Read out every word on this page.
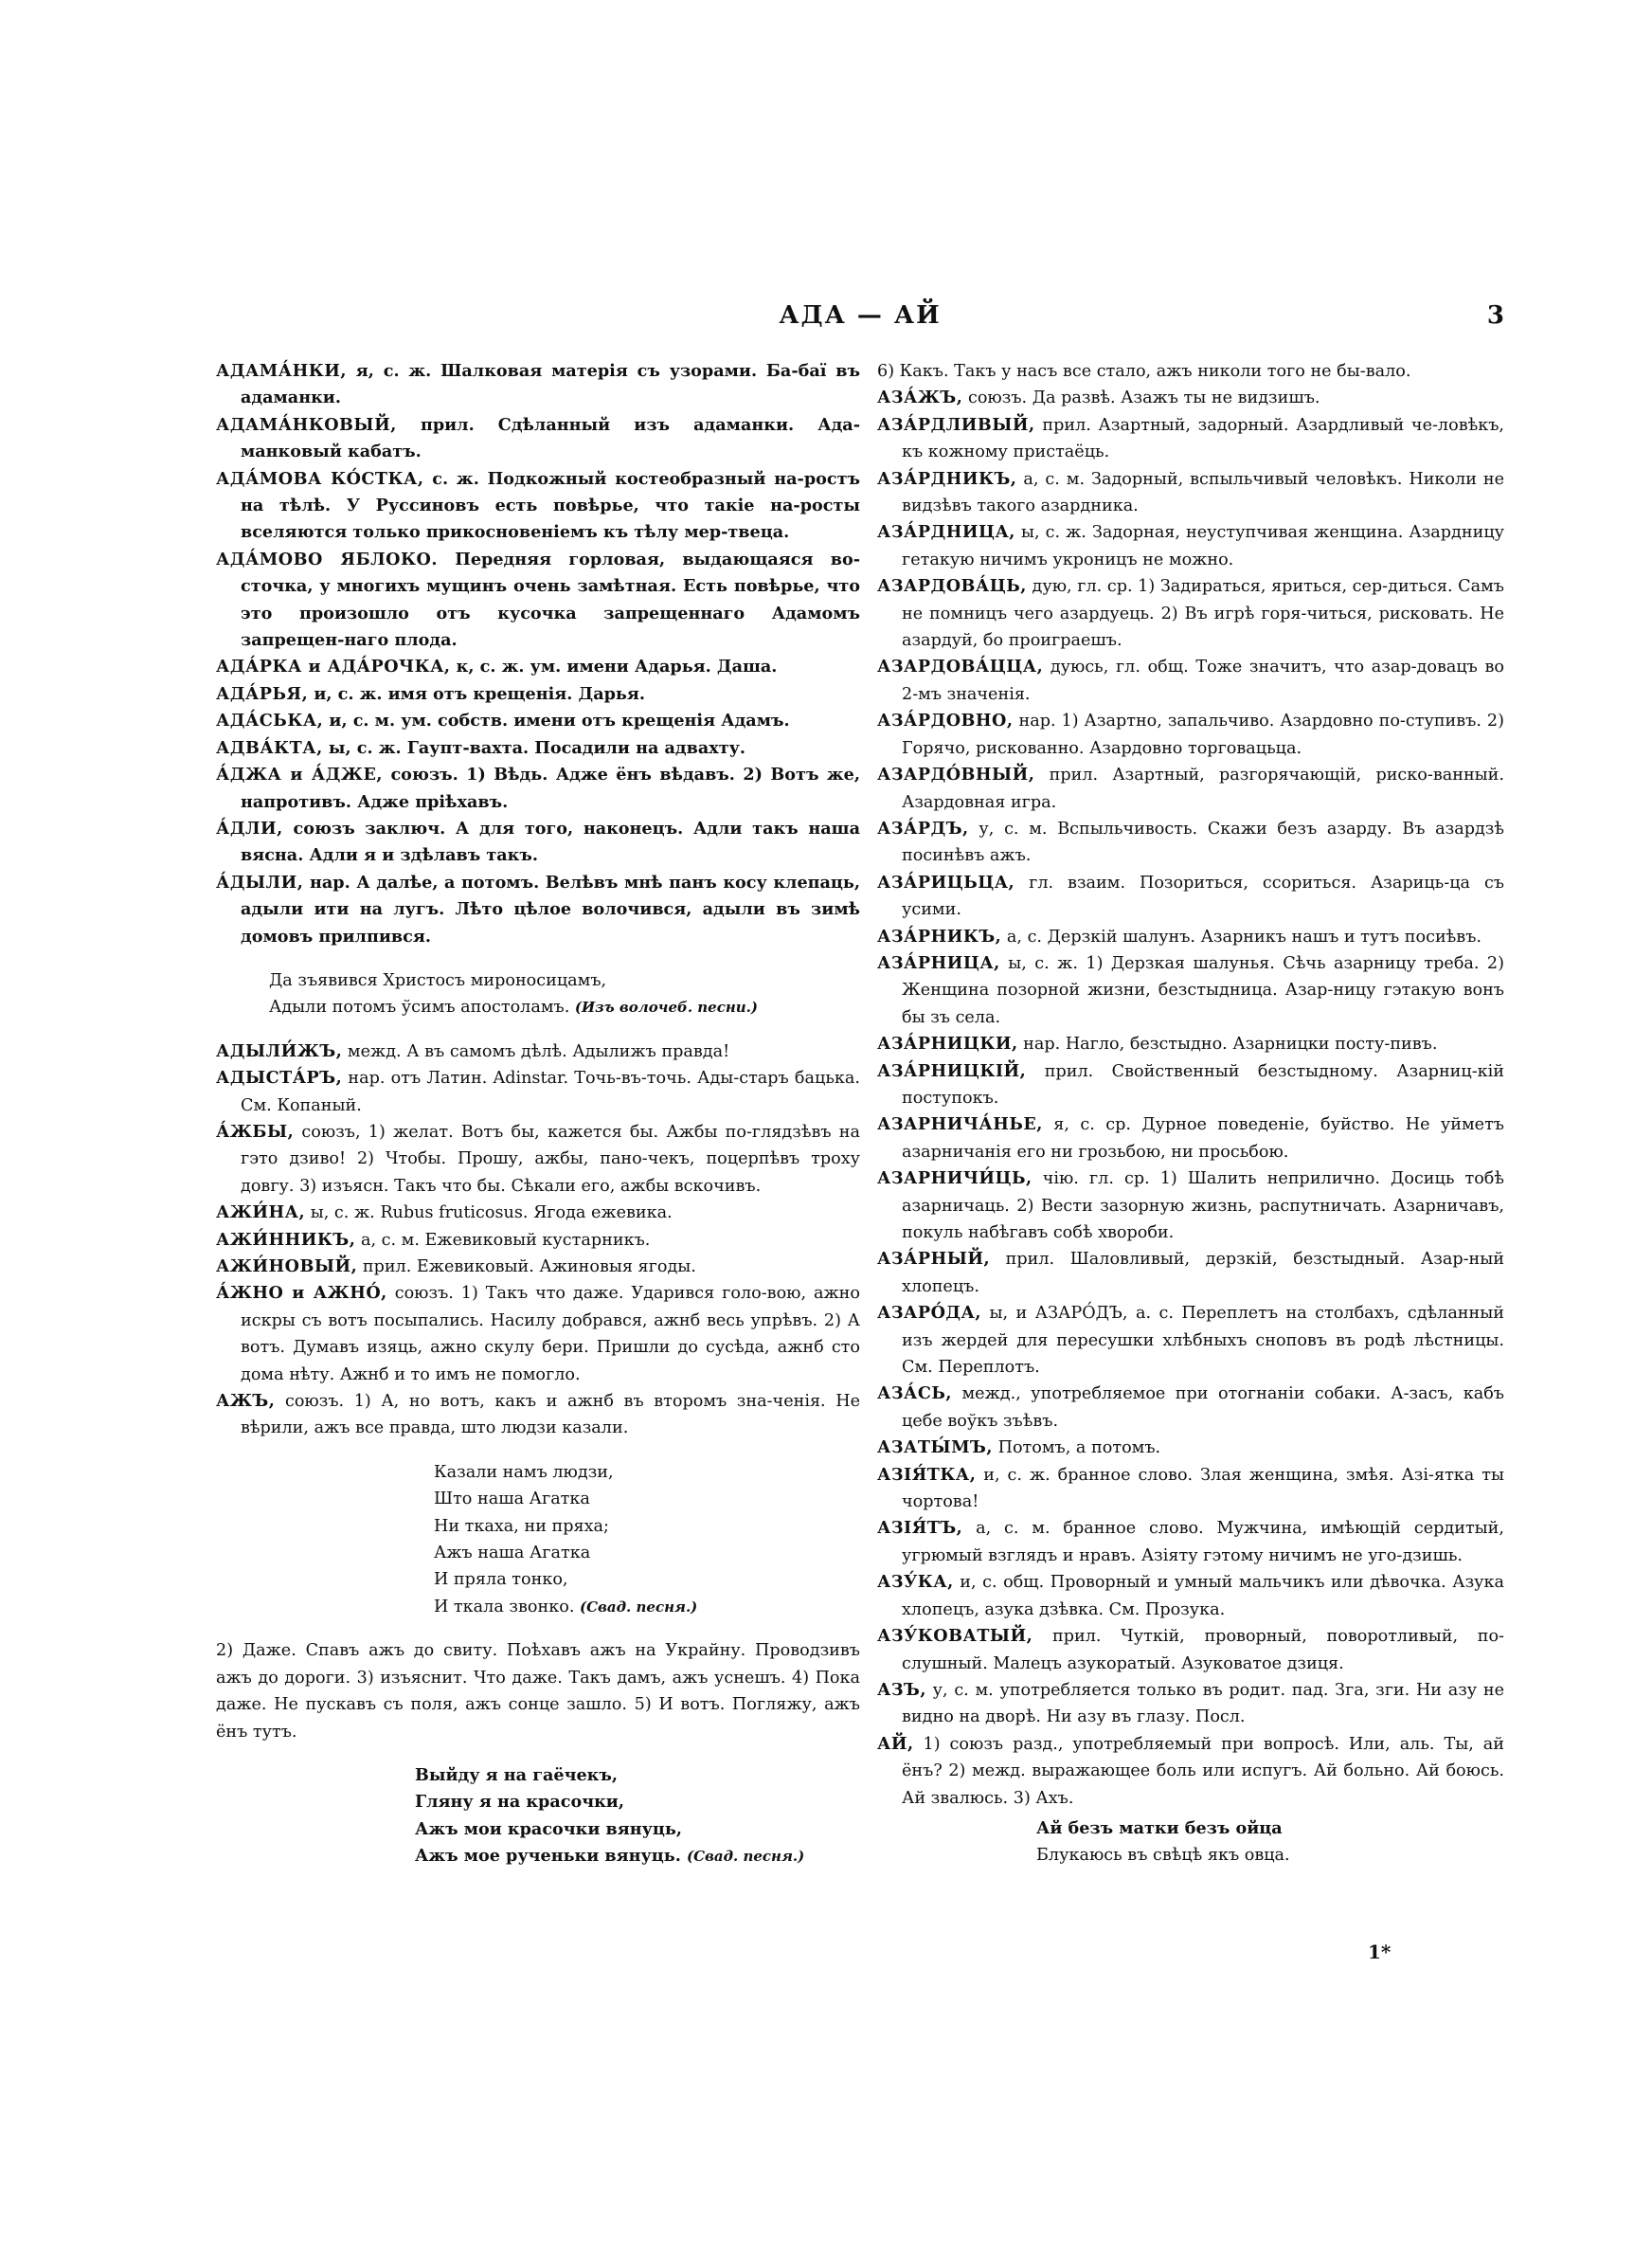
АДА — АЙ	3

АДАМА́НКИ, я, с. ж. Шалковая матерія съ узорами. Ба-баї въ адаманки.

АДАМА́НКОВЫЙ, прил. Сдѣланный изъ адаманки. Ада-манковый кабатъ.

АДА́МОВА КО́СТКА, с. ж. Подкожный костеобразный на-ростъ на тѣлѣ. У Руссиновъ есть повѣрье, что такіе на-росты вселяются только прикосновеніемъ къ тѣлу мер-твеца.

АДА́МОВО ЯБЛОКО. Передняя горловая, выдающаяся во-сточка, у многихъ мущинъ очень замѣтная. Есть повѣрье, что это произошло отъ кусочка запрещеннаго Адамомъ запрещен-наго плода.

АДА́РКА и АДА́РОЧКА, к, с. ж. ум. имени Адарья. Даша.

АДА́РЬЯ, и, с. ж. имя отъ крещенія. Дарья.

АДА́СЬКА, и, с. м. ум. собств. имени отъ крещенія Адамъ.

АДВА́КТА, ы, с. ж. Гаупт-вахта. Посадили на адвахту.

А́ДЖА и А́ДЖЕ, союзъ. 1) Вѣдь. Адже ёнъ вѣдавъ. 2) Вотъ же, напротивъ. Адже прiѣхавъ.

А́ДЛИ, союзъ заключ. А для того, наконецъ. Адли такъ наша вясна. Адли я и здѣлавъ такъ.

А́ДЫЛИ, нар. А далѣе, а потомъ. Велѣвъ мнѣ панъ косу клепаць, адыли ити на лугъ. Лѣто цѣлое волочився, адыли въ зимѣ домовъ прилпився.

Да зъявився Христосъ мироносицамъ,
Адыли потомъ ўсимъ апостоламъ. (Изъ волочеб. песни.)

АДЫЛИ́ЖЪ, межд. А въ самомъ дѣлѣ. Адылижъ правда!

АДЫСТА́РЪ, нар. отъ Латин. Adinstar. Точь-въ-точь. Ады-старъ бацька. См. Копаный.

А́ЖБЫ, союзъ, 1) желат. Вотъ бы, кажется бы. Ажбы по-глядзѣвъ на гэто дзиво! 2) Чтобы. Прошу, ажбы, пано-чекъ, поцерпѣвъ троху довгу. 3) изъясн. Такъ что бы. Сѣкали его, ажбы вскочивъ.

АЖИ́НА, ы, с. ж. Rubus fruticosus. Ягода ежевика.

АЖИ́ННИКЪ, а, с. м. Ежевиковый кустарникъ.

АЖИ́НОВЫЙ, прил. Ежевиковый. Ажиновыя ягоды.

А́ЖНО и АЖНО́, союзъ. 1) Такъ что даже. Ударився голо-вою, ажно искры съ вотъ посыпались. Насилу добрався, ажнб весь упрѣвъ. 2) А вотъ. Думавъ изяць, ажно скулу бери. Пришли до сусѣда, ажнб сто дома нѣту. Ажнб и то имъ не помогло.

АЖЪ, союзъ. 1) А, но вотъ, какъ и ажнб въ второмъ зна-ченія. Не вѣрили, ажъ все правда, што людзи казали.

Казали намъ людзи,
Што наша Агатка
Ни ткаха, ни пряха;
Ажъ наша Агатка
И пряла тонко,
И ткала звонко. (Свад. песня.)

2) Даже. Спавъ ажъ до свиту. Поѣхавъ ажъ на Украйну. Проводзивъ ажъ до дороги. 3) изъяснит. Что даже. Такъ дамъ, ажъ уснешъ. 4) Пока даже. Не пускавъ съ поля, ажъ сонце зашло. 5) И вотъ. Погляжу, ажъ ёнъ тутъ.

Выйду я на гаёчекъ,
Гляну я на красочки,
Ажъ мои красочки вянуць,
Ажъ мое рученьки вянуць. (Свад. песня.)

6) Какъ. Такъ у насъ все стало, ажъ николи того не бы-вало.

АЗА́ЖЪ, союзъ. Да развѣ. Азажъ ты не видзишъ.

АЗА́РДЛИВЫЙ, прил. Азартный, задорный. Азардливый че-ловѣкъ, къ кожному пристаёць.

АЗА́РДНИКЪ, а, с. м. Задорный, вспыльчивый человѣкъ. Николи не видзѣвъ такого азардника.

АЗА́РДНИЦА, ы, с. ж. Задорная, неуступчивая женщина. Азардницу гетакую ничимъ укроницъ не можно.

АЗАРДОВА́ЦЬ, дую, гл. ср. 1) Задираться, яриться, сер-диться. Самъ не помницъ чего азардуець. 2) Въ игрѣ горя-читься, рисковать. Не азардуй, бо проиграешъ.

АЗАРДОВА́ЦЦА, дуюсь, гл. общ. Тоже значитъ, что азар-довацъ во 2-мъ значенія.

АЗА́РДОВНО, нар. 1) Азартно, запальчиво. Азардовно по-ступивъ. 2) Горячо, рискованно. Азардовно торговацьца.

АЗАРДО́ВНЫЙ, прил. Азартный, разгорячающій, риско-ванный. Азардовная игра.

АЗА́РДЪ, у, с. м. Вспыльчивость. Скажи безъ азарду. Въ азардзѣ посинѣвъ ажъ.

АЗА́РИЦЬЦА, гл. взаим. Позориться, ссориться. Азариць-ца съ усими.

АЗА́РНИКЪ, а, с. Дерзкій шалунъ. Азарникъ нашъ и тутъ посиѣвъ.

АЗА́РНИЦА, ы, с. ж. 1) Дерзкая шалунья. Сѣчь азарницу треба. 2) Женщина позорной жизни, безстыдница. Азар-ницу гэтакую вонъ бы зъ села.

АЗА́РНИЦКИ, нар. Нагло, безстыдно. Азарницки посту-пивъ.

АЗА́РНИЦКІЙ, прил. Свойственный безстыдному. Азарниц-кій поступокъ.

АЗАРНИЧА́НЬЕ, я, с. ср. Дурное поведеніе, буйство. Не уйметъ азарничанія его ни грозьбою, ни просьбою.

АЗАРНИЧИ́ЦЬ, чію. гл. ср. 1) Шалить неприлично. Досиць тобѣ азарничаць. 2) Вести зазорную жизнь, распутничать. Азарничавъ, покуль набѣгавъ собѣ хвороби.

АЗА́РНЫЙ, прил. Шаловливый, дерзкій, безстыдный. Азар-ный хлопецъ.

АЗАРО́ДА, ы, и АЗАРО́ДЪ, а. с. Переплетъ на столбахъ, сдѣланный изъ жердей для пересушки хлѣбныхъ сноповъ въ родѣ лѣстницы. См. Переплотъ.

АЗА́СЬ, межд., употребляемое при отогнаніи собаки. А-засъ, кабъ цебе воўкъ зъѣвъ.

АЗАТЫ́МЪ, Потомъ, а потомъ.

АЗІЯ́ТКА, и, с. ж. бранное слово. Злая женщина, змѣя. Азі-ятка ты чортова!

АЗІЯ́ТЪ, а, с. м. бранное слово. Мужчина, имѣющій сердитый, угрюмый взглядъ и нравъ. Азіяту гэтому ничимъ не уго-дзишь.

АЗУ́КА, и, с. общ. Проворный и умный мальчикъ или дѣвочка. Азука хлопецъ, азука дзѣвка. См. Прозука.

АЗУ́КОВАТЫЙ, прил. Чуткій, проворный, поворотливый, по-слушный. Малецъ азукоратый. Азуковатое дзиця.

АЗЪ, у, с. м. употребляется только въ родит. пад. Зга, зги. Ни азу не видно на дворѣ. Ни азу въ глазу. Посл.

АЙ, 1) союзъ разд., употребляемый при вопросѣ. Или, аль. Ты, ай ёнъ? 2) межд. выражающее боль или испугъ. Ай больно. Ай боюсь. Ай звалюсь. 3) Ахъ.

Ай безъ матки безъ ойца
Блукаюсь въ свѣцѣ якъ овца.
1*
